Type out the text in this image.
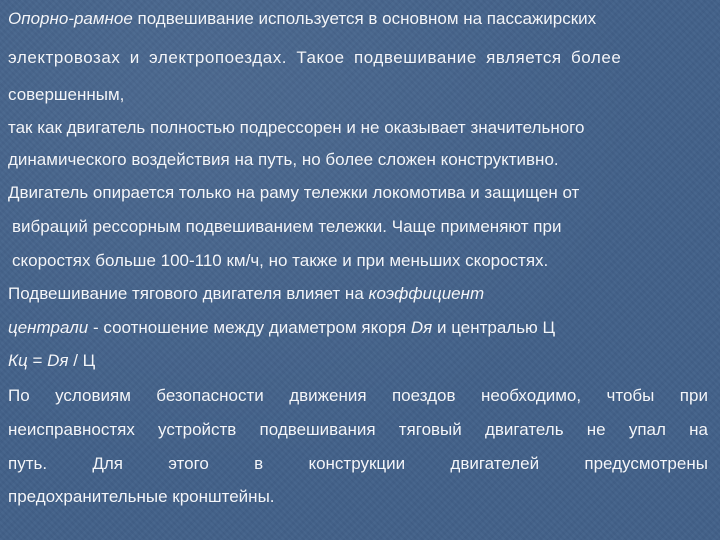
Опорно-рамное подвешивание используется в основном на пассажирских
электровозах и электропоездах. Такое подвешивание является более
совершенным,
так как двигатель полностью подрессорен и не оказывает значительного
динамического воздействия на путь, но более сложен конструктивно.
Двигатель опирается только на раму тележки локомотива и защищен от
вибраций рессорным подвешиванием тележки. Чаще применяют при
скоростях больше 100-110 км/ч, но также и при меньших скоростях.
Подвешивание тягового двигателя влияет на коэффициент
централи - соотношение между диаметром якоря Dя и централью Ц
Кц = Dя / Ц
По условиям безопасности движения поездов необходимо, чтобы при
неисправностях устройств подвешивания тяговый двигатель не упал на
путь.	Для	этого	в	конструкции	двигателей	предусмотрены
предохранительные кронштейны.
